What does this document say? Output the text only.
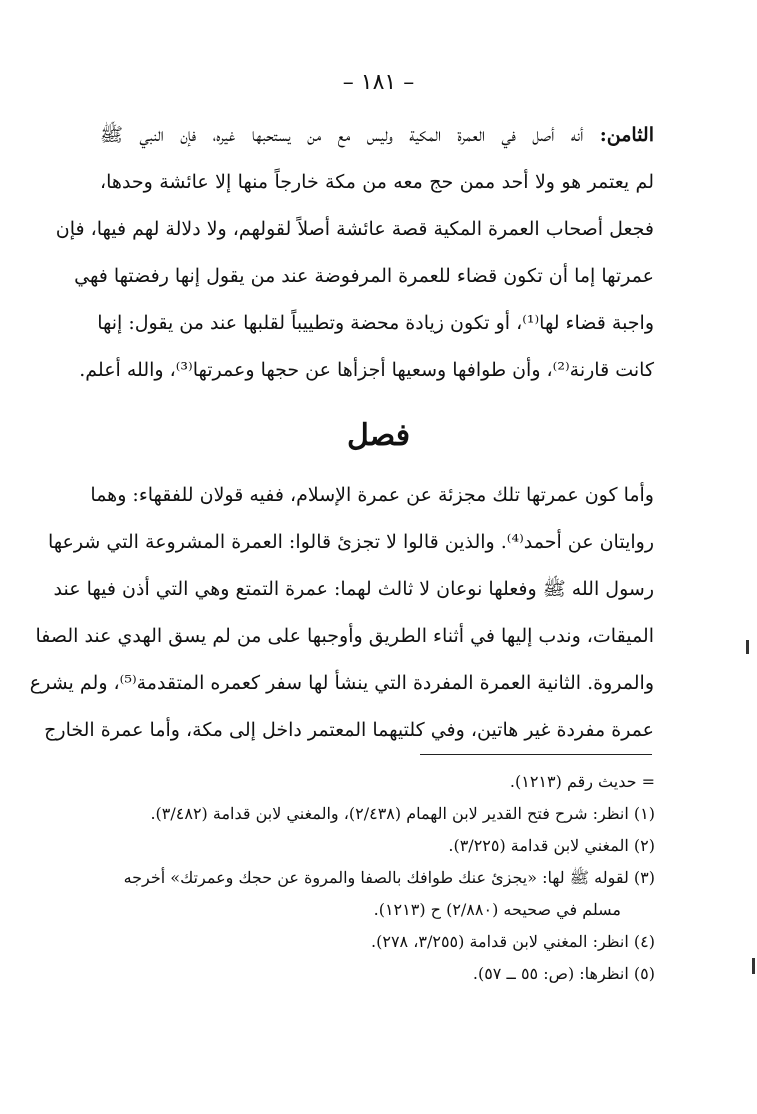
– ١٨١ –
الثامن: أنه أصل في العمرة المكية وليس مع من يستحبها غيره، فإن النبي ﷺ
لم يعتمر هو ولا أحد ممن حج معه من مكة خارجاً منها إلا عائشة وحدها،
فجعل أصحاب العمرة المكية قصة عائشة أصلاً لقولهم، ولا دلالة لهم فيها، فإن
عمرتها إما أن تكون قضاء للعمرة المرفوضة عند من يقول إنها رفضتها فهي
واجبة قضاء لها⁽¹⁾، أو تكون زيادة محضة وتطييباً لقلبها عند من يقول: إنها
كانت قارنة⁽²⁾، وأن طوافها وسعيها أجزأها عن حجها وعمرتها⁽³⁾، والله أعلم.
فصل
وأما كون عمرتها تلك مجزئة عن عمرة الإسلام، ففيه قولان للفقهاء: وهما
روايتان عن أحمد⁽⁴⁾. والذين قالوا لا تجزئ قالوا: العمرة المشروعة التي شرعها
رسول الله ﷺ وفعلها نوعان لا ثالث لهما: عمرة التمتع وهي التي أذن فيها عند
الميقات، وندب إليها في أثناء الطريق وأوجبها على من لم يسق الهدي عند الصفا
والمروة. الثانية العمرة المفردة التي ينشأ لها سفر كعمره المتقدمة⁽⁵⁾، ولم يشرع
عمرة مفردة غير هاتين، وفي كلتيهما المعتمر داخل إلى مكة، وأما عمرة الخارج
= حديث رقم (١٢١٣).
(١) انظر: شرح فتح القدير لابن الهمام (٢/٤٣٨)، والمغني لابن قدامة (٣/٤٨٢).
(٢) المغني لابن قدامة (٣/٢٢٥).
(٣) لقوله ﷺ لها: «يجزئ عنك طوافك بالصفا والمروة عن حجك وعمرتك» أخرجه
مسلم في صحيحه (٢/٨٨٠) ح (١٢١٣).
(٤) انظر: المغني لابن قدامة (٣/٢٥٥، ٢٧٨).
(٥) انظرها: (ص: ٥٥ ــ ٥٧).
